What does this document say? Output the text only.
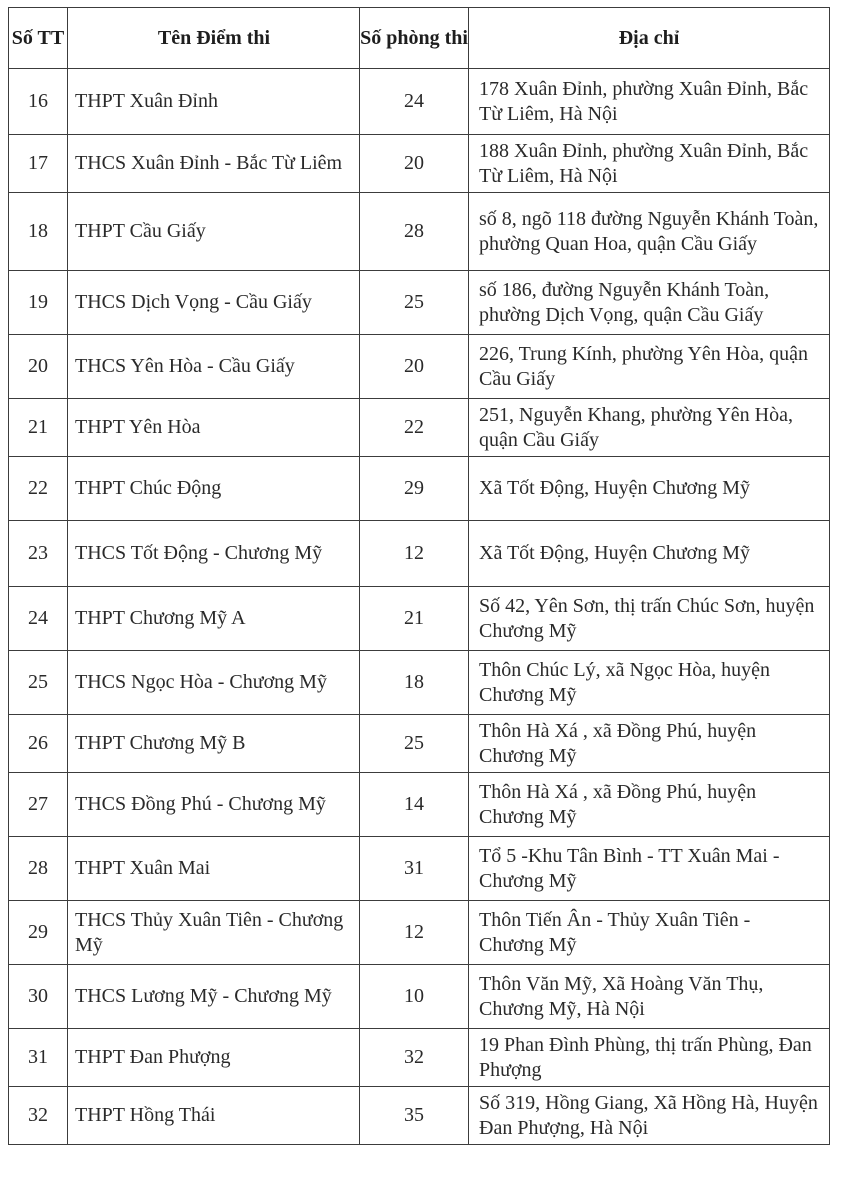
Số TT	Tên Điểm thi	Số phòng thi	Địa chỉ
16	THPT Xuân Đỉnh	24	178 Xuân Đỉnh, phường Xuân Đỉnh, Bắc Từ Liêm, Hà Nội
17	THCS Xuân Đỉnh - Bắc Từ Liêm	20	188 Xuân Đỉnh, phường Xuân Đỉnh, Bắc Từ Liêm, Hà Nội
18	THPT Cầu Giấy	28	số 8, ngõ 118 đường Nguyễn Khánh Toàn, phường Quan Hoa, quận Cầu Giấy
19	THCS Dịch Vọng - Cầu Giấy	25	số 186, đường Nguyễn Khánh Toàn, phường Dịch Vọng, quận Cầu Giấy
20	THCS Yên Hòa - Cầu Giấy	20	226, Trung Kính, phường Yên Hòa, quận Cầu Giấy
21	THPT Yên Hòa	22	251, Nguyễn Khang, phường Yên Hòa, quận Cầu Giấy
22	THPT Chúc Động	29	Xã Tốt Động, Huyện Chương Mỹ
23	THCS Tốt Động - Chương Mỹ	12	Xã Tốt Động, Huyện Chương Mỹ
24	THPT Chương Mỹ A	21	Số 42, Yên Sơn, thị trấn Chúc Sơn, huyện Chương Mỹ
25	THCS Ngọc Hòa - Chương Mỹ	18	Thôn Chúc Lý, xã Ngọc Hòa, huyện Chương Mỹ
26	THPT Chương Mỹ B	25	Thôn Hà Xá , xã Đồng Phú, huyện Chương Mỹ
27	THCS Đồng Phú - Chương Mỹ	14	Thôn Hà Xá , xã Đồng Phú, huyện Chương Mỹ
28	THPT Xuân Mai	31	Tổ 5 -Khu Tân Bình - TT Xuân Mai - Chương Mỹ
29	THCS Thủy Xuân Tiên - Chương Mỹ	12	Thôn Tiến Ân - Thủy Xuân Tiên - Chương Mỹ
30	THCS Lương Mỹ - Chương Mỹ	10	Thôn Văn Mỹ, Xã Hoàng Văn Thụ, Chương Mỹ, Hà Nội
31	THPT Đan Phượng	32	19 Phan Đình Phùng, thị trấn Phùng, Đan Phượng
32	THPT Hồng Thái	35	Số 319, Hồng Giang, Xã Hồng Hà, Huyện Đan Phượng, Hà Nội
